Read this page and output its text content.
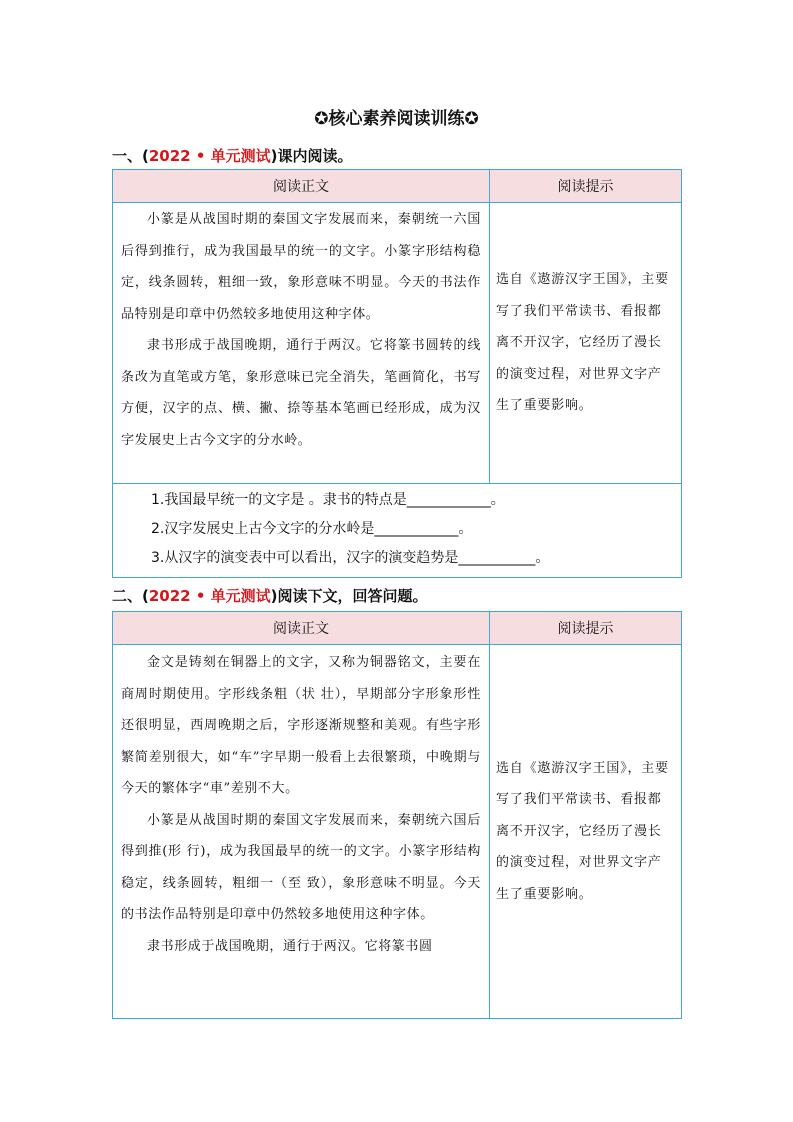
✪核心素养阅读训练✪
一、(2022 • 单元测试)课内阅读。
阅读正文	阅读提示

小篆是从战国时期的秦国文字发展而来，秦朝统一六国后得到推行，成为我国最早的统一的文字。小篆字形结构稳定，线条圆转，粗细一致，象形意味不明显。今天的书法作品特别是印章中仍然较多地使用这种字体。

隶书形成于战国晚期，通行于两汉。它将篆书圆转的线条改为直笔或方笔，象形意味已完全消失，笔画简化，书写方便，汉字的点、横、撇、捺等基本笔画已经形成，成为汉字发展史上古今文字的分水岭。	选自《遨游汉字王国》，主要写了我们平常读书、看报都离不开汉字，它经历了漫长的演变过程，对世界文字产生了重要影响。

1.我国最早统一的文字是 。隶书的特点是____________。
2.汉字发展史上古今文字的分水岭是____________。
3.从汉字的演变表中可以看出，汉字的演变趋势是___________。	
二、(2022 • 单元测试)阅读下文，回答问题。
阅读正文	阅读提示

金文是铸刻在铜器上的文字，又称为铜器铭文，主要在商周时期使用。字形线条粗（状 壮），早期部分字形象形性还很明显，西周晚期之后，字形逐渐规整和美观。有些字形繁简差别很大，如“车”字早期一般看上去很繁琐，中晚期与今天的繁体字“車”差别不大。

小篆是从战国时期的秦国文字发展而来，秦朝统六国后得到推(形 行)，成为我国最早的统一的文字。小篆字形结构稳定，线条圆转，粗细一（至 致），象形意味不明显。今天的书法作品特别是印章中仍然较多地使用这种字体。

隶书形成于战国晚期，通行于两汉。它将篆书圆	选自《遨游汉字王国》，主要写了我们平常读书、看报都离不开汉字，它经历了漫长的演变过程，对世界文字产生了重要影响。
